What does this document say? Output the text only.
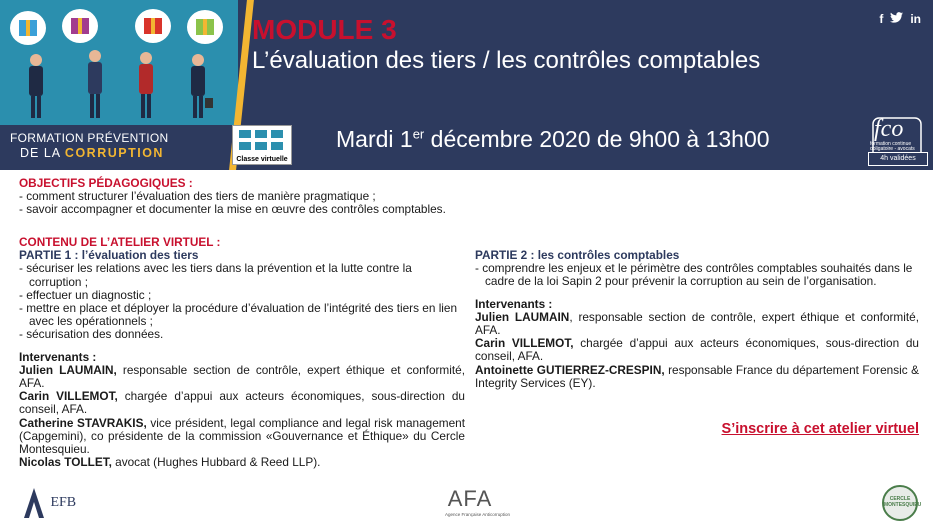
FORMATION PRÉVENTION
DE LA CORRUPTION
MODULE 3
L’évaluation des tiers / les contrôles comptables
f in
Classe virtuelle
Mardi 1er décembre 2020 de 9h00 à 13h00	fco
formation continue obligatoire - avocats
4h validées
OBJECTIFS PÉDAGOGIQUES :
- comment structurer l’évaluation des tiers de manière pragmatique ;
- savoir accompagner et documenter la mise en œuvre des contrôles comptables.
CONTENU DE L’ATELIER VIRTUEL :
PARTIE 1 : l’évaluation des tiers
- sécuriser les relations avec les tiers dans la prévention et la lutte contre la corruption ;
- effectuer un diagnostic ;
- mettre en place et déployer la procédure d’évaluation de l’intégrité des tiers en lien avec les opérationnels ;
- sécurisation des données.
Intervenants :
Julien LAUMAIN, responsable section de contrôle, expert éthique et conformité, AFA.
Carin VILLEMOT, chargée d’appui aux acteurs économiques, sous-direction du conseil, AFA.
Catherine STAVRAKIS, vice président, legal compliance and legal risk management (Capgemini), co présidente de la commission «Gouvernance et Éthique» du Cercle Montesquieu.
Nicolas TOLLET, avocat (Hughes Hubbard & Reed LLP).
PARTIE 2 : les contrôles comptables
- comprendre les enjeux et le périmètre des contrôles comptables souhaités dans le cadre de la loi Sapin 2 pour prévenir la corruption au sein de l’organisation.
Intervenants :
Julien LAUMAIN, responsable section de contrôle, expert éthique et conformité, AFA.
Carin VILLEMOT, chargée d’appui aux acteurs économiques, sous-direction du conseil, AFA.
Antoinette GUTIERREZ-CRESPIN, responsable France du département Forensic & Integrity Services (EY).
S’inscrire à cet atelier virtuel
EFB	AFA
Agence Française Anticorruption
CERCLE MONTESQUIEU
